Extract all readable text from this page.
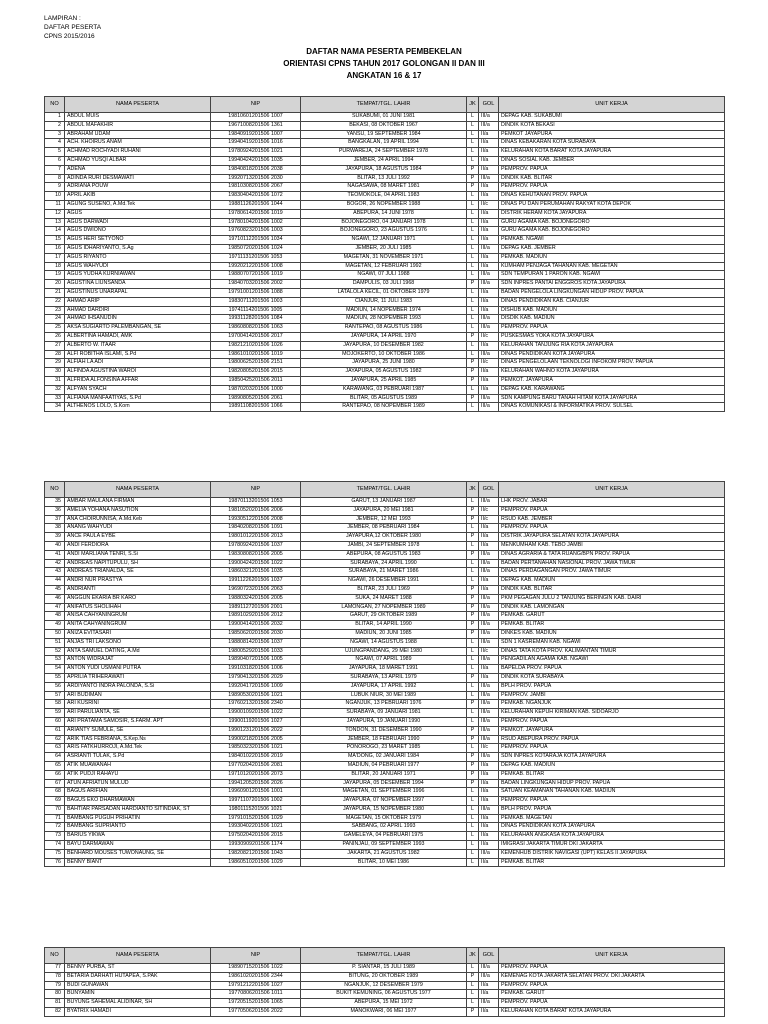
LAMPIRAN :
DAFTAR PESERTA
CPNS 2015/2016
DAFTAR NAMA PESERTA PEMBEKELAN
ORIENTASI CPNS TAHUN 2017 GOLONGAN II DAN III
ANGKATAN 16 & 17
NO	NAMA PESERTA	NIP	TEMPAT/TGL. LAHIR	JK	GOL	UNIT KERJA
1	ABDUL MUIS	19810601201506 1007	SUKABUMI, 01 JUNI 1981	L	III/a	DEPAG KAB. SUKABUMI
2	ABDUL MAFAKHIR	19671008201506 1361	BEKASI, 08 OKTOBER 1967	L	III/a	DINDIK KOTA BEKASI
3	ABRAHAM UDAM	19840919201506 1007	YANSU, 19 SEPTEMBER 1984	L	II/a	PEMKOT JAYAPURA
4	ACH. KHOIRUS ANAM	19940419201506 1016	BANGKALAN, 19 APRIL 1994	L	II/a	DINAS KEBAKARAN KOTA SURABAYA
5	ACHMAD ROCHYADI RUHANI	19780924201506 1021	PURWAREJA, 24 SEPTEMBER 1978	L	II/a	KELURAHAN KOTA BARAT KOTA JAYAPURA
6	ACHMAD YUSQI ALBAR	19940424201506 1035	JEMBER, 24 APRIL 1994	L	II/a	DINAS SOSIAL KAB. JEMBER
7	ADENA	19840818201506 2038	JAYAPURA, 18 AGUSTUS 1984	P	II/a	PEMPROV. PAPUA
8	ADINDA RURI DESMAWATI	19920713201506 2030	BLITAR, 13 JULI 1992	P	III/a	DINDIK KAB. BLITAR
9	ADRIANA POUW	19810308201506 2067	NAGASAWA, 08 MARET 1981	P	II/a	PEMPROV. PAPUA
10	APRIL AKIB	19830404201506 1072	TEOMOKOLE, 04 APRIL 1983	L	II/a	DINAS KEHUTANAN PROV. PAPUA
11	AGUNG SUSENO, A.Md.Tek	19881126201506 1044	BOGOR, 26 NOPEMBER 1988	L	II/c	DINAS PU DAN PERUMAHAN RAKYAT KOTA DEPOK
12	AGUS	19780614201506 1019	ABEPURA, 14 JUNI 1978	L	II/a	DISTRIK HERAM KOTA JAYAPURA
13	AGUS DARWADI	19780104201506 1002	BOJONEGORO, 04 JANUARI 1978	L	II/a	GURU AGAMA KAB. BOJONEGORO
14	AGUS DWIONO	19760823201506 1003	BOJONEGORO, 23 AGUSTUS 1976	L	II/a	GURU AGAMA KAB. BOJONEGORO
15	AGUS HERI SETYONO	19710112201506 1034	NGAWI, 12 JANUARI 1971	L	II/a	PEMKAB. NGAWI
16	AGUS IDHARIYANTO, S.Ag	19850720201506 1024	JEMBER, 20 JULI 1985	L	III/a	DEPAG KAB. JEMBER
17	AGUS RIYANTO	19711131201506 1053	MAGETAN, 31 NOVEMBER 1971	L	II/a	PEMKAB. MADIUN
18	AGUS WAHYUDI	19920212201506 1008	MAGETAN, 12 FEBRUARI 1992	L	II/a	KUMHAM PENJAGA TAHANAN KAB. MEGETAN
19	AGUS YUDHA KURNIAWAN	19880707201506 1019	NGAWI, 07 JULI 1988	L	III/a	SDN TEMPURAN 1 PARON KAB. NGAWI
20	AGUSTINA LIUNSANDA	19840703201506 2002	DAMPULIS, 03 JULI 1968	P	III/a	SDN INPRES PANTAI ENGGROS KOTA JAYAPURA
21	AGUSTINUS UNARAPAL	19791001201506 1088	LATALOLA KECIL, 01 OKTOBER 1979	L	II/a	BADAN PENGELOLA LINGKUNGAN HIDUP PROV. PAPUA
22	AHMAD ARIP	19830711201506 1003	CIANJUR, 11 JULI 1983	L	II/a	DINAS PENDIDIKAN KAB. CIANJUR
23	AHMAD DARDIRI	19741114201506 1005	MADIUN, 14 NOPEMBER 1974	L	II/a	DISHUB KAB. MADIUN
24	AHMAD IHSANUDIN	19931128201506 1084	MADIUN, 28 NOPEMBER 1993	L	III/a	DISDIK KAB. MADIUN
25	AKSA SUGIARTO PALEMBANGAN, SE	19860808201506 1063	RANTEPAO, 08 AGUSTUS 1986	L	III/a	PEMPROV. PAPUA
26	ALBERTINA HAMADI, AMK	19700414201506 2017	JAYAPURA, 14 APRIL 1970	P	II/c	PUSKESMAS YOKA KOTA JAYAPURA
27	ALBERTO W. ITAAR	19821210201506 1026	JAYAPURA, 10 DESEMBER 1982	L	II/a	KELURAHAN TANJUNG RIA KOTA JAYAPURA
28	ALFI ROBITHA ISLAMI, S.Pd	19861010201506 1019	MOJOKERTO, 10 OKTOBER 1986	L	III/a	DINAS PENDIDIKAN KOTA JAYAPURA
29	ALFIAH LA ADI	19800625201506 2151	JAYAPURA, 25 JUNI 1980	P	II/c	DINAS PENGELOLAAN TEKNOLOGI INFOKOM PROV. PAPUA
30	ALFINDA AGUSTINA WAROI	19820805201506 2015	JAYAPURA, 05 AGUSTUS 1982	P	II/a	KELURAHAN WAHNO KOTA JAYAPURA
31	ALFRIDA ALFONSINA AFFAR	19850425201506 2011	JAYAPURA, 25 APRIL 1985	P	II/a	PEMKOT. JAYAPURA
32	ALFYAN SYACH	19870203201506 1000	KARAWANG, 03 PEBRUARI 1987	L	II/a	DEPAG KAB. KARAWANG
33	ALFIANA MANFAATIYAS, S.Pd	19890805201506 2061	BLITAR, 05 AGUSTUS 1989	P	III/a	SDN KAMPUNG BARU TANAH HITAM KOTA JAYAPURA
34	ALTHENOS LOLO, S.Kom	19891108201506 1066	RANTEPAO, 08 NOPEMBER 1989	L	III/a	DINAS KOMUNIKASI & INFORMATIKA PROV. SULSEL
NO	NAMA PESERTA	NIP	TEMPAT/TGL. LAHIR	JK	GOL	UNIT KERJA
35	AMBAR MAULANA FIRMAN	19870113201506 1053	GARUT, 13 JANUARI 1987	L	III/a	LHK PROV. JABAR
36	AMELIA YOHANA NASUTION	19810520201506 2006	JAYAPURA, 20 MEI 1981	P	II/c	PEMPROV. PAPUA
37	ANA CHOIRUNNISA, A.Md.Keb	19930512201506 2008	JEMBER, 12 MEI 1993	P	II/c	RSUD KAB. JEMBER
38	ANANG WAHYUDI	19840208201506 1091	JEMBER, 08 PEBRUARI 1984	L	II/a	PEMPROV. PAPUA
39	ANCE PAULA EYBE	19801012201506 2013	JAYAPURA,12 OKTOBER 1980	P	II/a	DISTRIK JAYAPURA SELATAN KOTA JAYAPURA
40	ANDI FERDIORA	19780924201506 1037	JAMBI, 24 SEPTEMBER 1978	L	II/a	MENKUMHAM KAB. TEBO JAMBI
41	ANDI MARLIANA TENRI, S.Si	19830808201506 2005	ABEPURA, 08 AGUSTUS 1983	P	III/a	DINAS AGRARIA & TATA RUANG/BPN PROV. PAPUA
42	ANDREAS NAPITUPULU, SH	19900424201506 1022	SURABAYA, 24 APRIL 1990	L	III/a	BADAN PERTANAHAN NASIONAL PROV. JAWA TIMUR
43	ANDREAS TRIANALDA, SE	19860321201506 1035	SURABAYA, 21 MARET 1986	L	III/a	DINAS PERDAGANGAN PROV. JAWA TIMUR
44	ANDRI NUR PRASTYA	19911226201506 1037	NGAWI, 26 DESEMBER 1991	L	II/a	DEPAG KAB. MADIUN
45	ANDRIANTI	19690723201506 2063	BLITAR, 23 JULI 1969	P	II/a	DINDIK KAB. BLITAR
46	ANGGUN EKARIA BR KARO	19880324201506 2005	SUKA, 24 MARET 1988	P	III/a	PKM PEGAGAN JULU 2 TANJUNG BERINGIN KAB. DAIRI
47	ANIFATUS SHOLIHAH	19891127201506 2001	LAMONGAN, 27 NOPEMBER 1989	P	III/a	DINDIK KAB. LAMONGAN
48	ANISA CAHYANINGRUM	19891029201506 2012	GARUT, 29 OKTOBER 1989	P	III/a	PEMKAB. GARUT
49	ANITA CAHYANINGRUM	19900414201506 2032	BLITAR, 14 APRIL 1990	P	III/a	PEMKAB. BLITAR
50	ANIZA EVITASARI	19850620201506 2030	MADIUN, 20 JUNI 1985	P	III/a	DINKES KAB. MADIUN
51	ANJAS TRI LAKSONO	19880814201506 1037	NGAWI, 14 AGUSTUS 1988	L	III/a	SDN 1 KASREMAN KAB. NGAWI
52	ANTA SAMUEL DATING, A.Md	19800529201506 1033	UJUNGPANDANG, 29 MEI 1980	L	II/c	DINAS TATA KOTA PROV. KALIMANTAN TIMUR
53	ANTON WIDRAJAT	19890407201506 1005	NGAWI, 07 APRIL 1989	L	III/a	PENGADILAN AGAMA KAB. NGAWI
54	ANTON YUDI USMANI PUTRA	19910318201506 1006	JAYAPURA, 18 MARET 1991	L	II/a	BAPELDA PROV. PAPUA
55	APRILIA TRIHERAWATI	19790413201506 2029	SURABAYA, 13 APRIL 1979	P	II/a	DINDIK KOTA SURABAYA
56	ARDIYANTO INDRA PALONDA, S.Si	19920417201506 1009	JAYAPURA, 17 APRIL 1992	L	III/a	BPLH PROV. PAPUA
57	ARI BUDIMAN	19890530201506 1021	LUBUK NIUR, 30 MEI 1989	L	III/a	PEMPROV. JAMBI
58	ARI KUSRINI	19760213201506 2340	NGANJUK, 13 PEBRUARI 1976	P	III/a	PEMKAB. NGANJUK
59	ARI PARULIANTA, SE	19900109201506 1022	SURABAYA, 09 JANUARI 1981	L	III/a	KELURAHAN KEPUH KIRIMAN KAB. SIDOARJO
60	ARI PRATAMA SAMOSIR, S.FARM. APT	19900119201506 1027	JAYAPURA, 19 JANUARI 1990	L	III/a	PEMPROV. PAPUA
61	ARIANTY SUMULE, SE	19901231201506 2022	TONDON, 31 DESEMBER 1990	P	III/a	PEMKOT. JAYAPURA
62	ARIK TIAS FEBRIANA, S.Kep.Ns	19900218201506 2005	JEMBER, 18 FEBRUARI 1990	P	III/a	RSUD ABEPURA PROV. PAPUA
63	ARIS FATKHURROJI, A.Md.Tek	19850323201506 1021	PONOROGO, 23 MARET 1985	L	II/c	PEMPROV. PAPUA
64	ASRIANTI TULAK, S.Pd	19840102201506 2019	MA'DONG, 02 JANUARI 1984	P	III/a	SDN INPRES KOTARAJA KOTA JAYAPURA
65	ATIK MUAWANAH	19770204201506 2081	MADIUN, 04 PEBRUARI 1977	P	II/a	DEPAG KAB. MADIUN
66	ATIK PUDJI RAHAYU	19710120201506 2073	BLITAR, 20 JANUARI 1971	P	II/a	PEMKAB. BLITAR
67	ATUN AFRIATUN MULUD	19941205201506 2026	JAYAPURA, 05 DESEMBER 1994	P	II/a	BADAN LINGKUNGAN HIDUP PROV. PAPUA
68	BAGUS ARIFIAN	19960901201506 1001	MAGETAN, 01 SEPTEMBER 1996	L	II/a	SATUAN KEAMANAN TAHANAN KAB. MADIUN
69	BAGUS EKO DHARMAWAN	19971107201506 1002	JAYAPURA, 07 NOPEMBER 1997	L	II/a	PEMPROV. PAPUA
70	BAHTIAR PARSADAN HARDIANTO SITINDIAK, ST	19801115201506 1021	JAYAPURA, 15 NOPEMBER 1980	L	III/a	BPLH PROV. PAPUA
71	BAMBANG PUGUH PRIHATIN	19791015201506 1029	MAGETAN, 15 OKTOBER 1979	L	II/a	PEMKAB. MAGETAN
72	BAMBANG SUPRIANTO	19930402201506 1021	SABBANG, 02 APRIL 1993	L	II/a	DINAS PENDIDIKAN KOTA JAYAPURA
73	BARIUS YIKWA	19750204201506 2015	GAMELEYA, 04 PEBRUARI 1975	L	II/a	KELURAHAN ANGKASA KOTA JAYAPURA
74	BAYU DARMAWAN	19930909201506 1174	PANINJAU, 09 SEPTEMBER 1993	L	II/a	IMIGRASI JAKARTA TIMUR DKI JAKARTA
75	BENHARD MOUSES TUWONAUNG, SE	19820821201506 1043	JAKARTA, 21 AGUSTUS 1982	L	III/a	KEMENHUB DISTRIK NAVIGASI (UPT) KELAS II JAYAPURA
76	BENNY BIANT	19860510201506 1029	BLITAR, 10 MEI 1986	L	II/a	PEMKAB. BLITAR
NO	NAMA PESERTA	NIP	TEMPAT/TGL. LAHIR	JK	GOL	UNIT KERJA
77	BENNY PURBA, ST	19890715201506 1022	P. SIANTAR, 15 JULI 1989	L	III/a	PEMPROV. PAPUA
78	BETARIA DARHATI HUTAPEA, S.PAK	19861020201506 2344	BITUNG, 20 OKTOBER 1989	P	III/a	KEMENAG KOTA JAKARTA SELATAN PROV. DKI JAKARTA
79	BUDI GUNAWAN	19791212201506 1027	NGANJUK, 12 DESEMBER 1979	L	II/a	PEMPROV. PAPUA
80	BUNYAMIN	19770806201506 1011	BUKIT KEMUNING, 06 AGUSTUS 1977	L	II/a	PEMKAB. GARUT
81	BUYUNG SAHEMAL ALIDINAR, SH	19720515201506 1065	ABEPURA, 15 MEI 1972	L	III/a	PEMPROV. PAPUA
82	BYATRIX HAMADI	19770506201506 2022	MANOKWARI, 06 MEI 1977	P	II/a	KELURAHAN KOTA BARAT KOTA JAYAPURA
